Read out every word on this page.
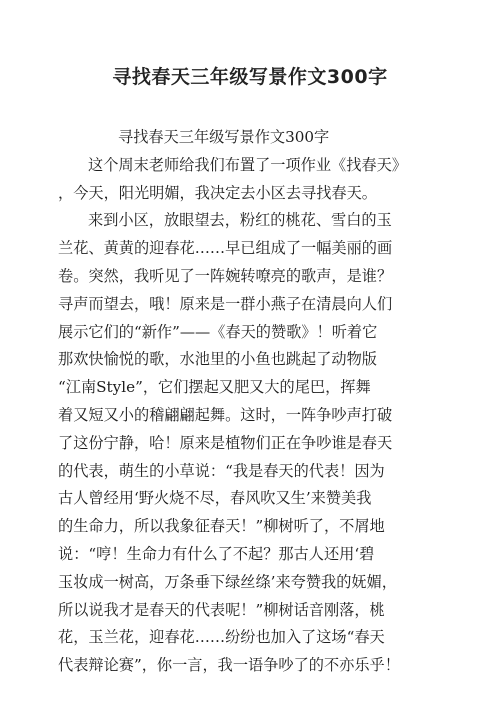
寻找春天三年级写景作文300字
寻找春天三年级写景作文300字
这个周末老师给我们布置了一项作业《找春天》
，今天，阳光明媚，我决定去小区去寻找春天。
来到小区，放眼望去，粉红的桃花、雪白的玉
兰花、黄黄的迎春花……早已组成了一幅美丽的画
卷。突然，我听见了一阵婉转嘹亮的歌声，是谁？
寻声而望去，哦！原来是一群小燕子在清晨向人们
展示它们的“新作”——《春天的赞歌》！听着它
那欢快愉悦的歌，水池里的小鱼也跳起了动物版
“江南Style”，它们摆起又肥又大的尾巴，挥舞
着又短又小的稽翩翩起舞。这时，一阵争吵声打破
了这份宁静，哈！原来是植物们正在争吵谁是春天
的代表，萌生的小草说：“我是春天的代表！因为
古人曾经用‘野火烧不尽，春风吹又生’来赞美我
的生命力，所以我象征春天！”柳树听了，不屑地
说：“哼！生命力有什么了不起？那古人还用‘碧
玉妆成一树高，万条垂下绿丝绦’来夸赞我的妩媚，
所以说我才是春天的代表呢！”柳树话音刚落，桃
花，玉兰花，迎春花……纷纷也加入了这场“春天
代表辩论赛”，你一言，我一语争吵了的不亦乐乎！
